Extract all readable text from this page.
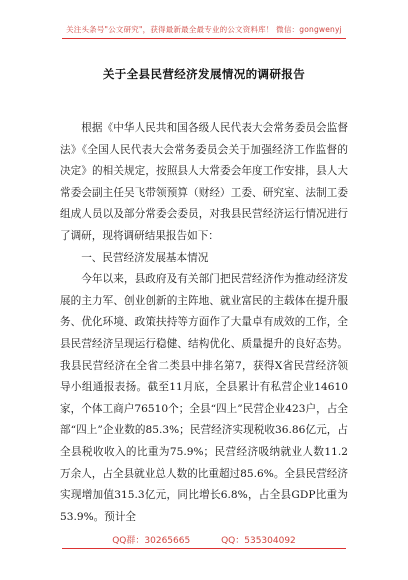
关注头条号"公文研究"，获得最新最全最专业的公文资料库！ 微信：gongwenyj
关于全县民营经济发展情况的调研报告

根据《中华人民共和国各级人民代表大会常务委员会监督法》《全国人民代表大会常务委员会关于加强经济工作监督的决定》的相关规定，按照县人大常委会年度工作安排，县人大常委会副主任吴飞带领预算（财经）工委、研究室、法制工委组成人员以及部分常委会委员，对我县民营经济运行情况进行了调研，现将调研结果报告如下：

一、民营经济发展基本情况

今年以来，县政府及有关部门把民营经济作为推动经济发展的主力军、创业创新的主阵地、就业富民的主载体在提升服务、优化环境、政策扶持等方面作了大量卓有成效的工作，全县民营经济呈现运行稳健、结构优化、质量提升的良好态势。我县民营经济在全省二类县中排名第7，获得X省民营经济领导小组通报表扬。截至11月底，全县累计有私营企业14610家，个体工商户76510个；全县“四上”民营企业423户，占全部“四上”企业数的85.3%；民营经济实现税收36.86亿元，占全县税收收入的比重为75.9%；民营经济吸纳就业人数11.2万余人，占全县就业总人数的比重超过85.6%。全县民营经济实现增加值315.3亿元，同比增长6.8%，占全县GDP比重为53.9%。预计全

QQ群：30265665	QQ：535304092
